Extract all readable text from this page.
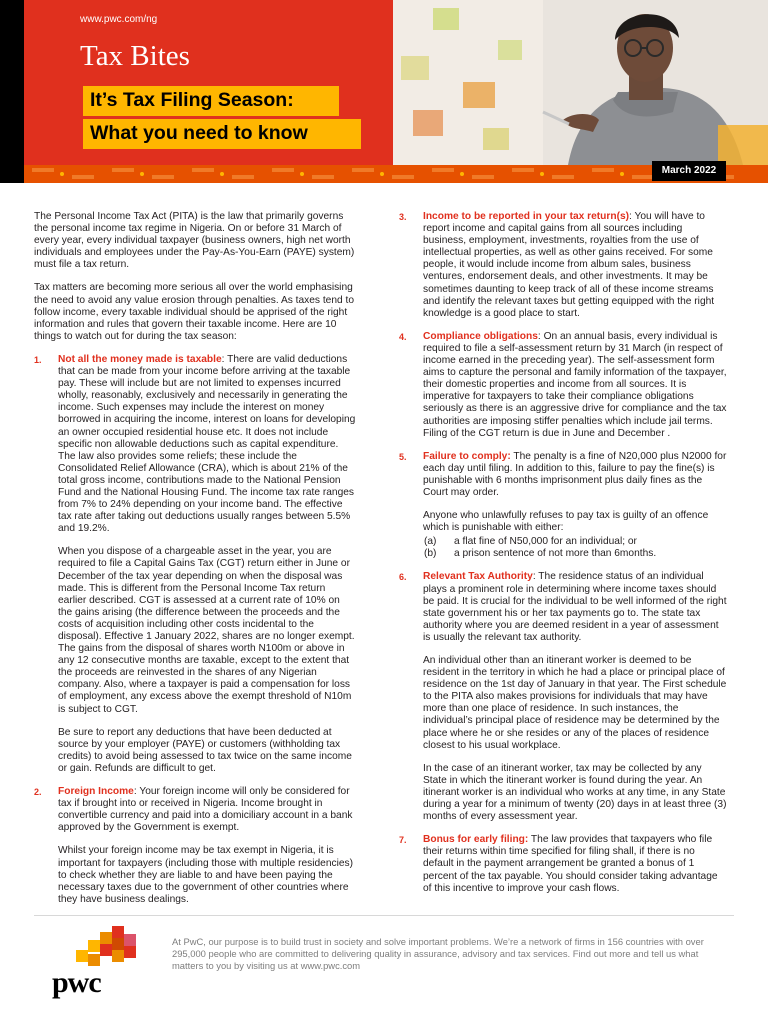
www.pwc.com/ng
Tax Bites
It’s Tax Filing Season:
What you need to know
March 2022

The Personal Income Tax Act (PITA) is the law that primarily governs the personal income tax regime in Nigeria. On or before 31 March of every year, every individual taxpayer (business owners, high net worth individuals and employees under the Pay-As-You-Earn (PAYE) system) must file a tax return.

Tax matters are becoming more serious all over the world emphasising the need to avoid any value erosion through penalties. As taxes tend to follow income, every taxable individual should be apprised of the right information and rules that govern their taxable income. Here are 10 things to watch out for during the tax season:

1. Not all the money made is taxable: There are valid deductions that can be made from your income before arriving at the taxable pay. These will include but are not limited to expenses incurred wholly, reasonably, exclusively and necessarily in generating the income. Such expenses may include the interest on money borrowed in acquiring the income, interest on loans for developing an owner occupied residential house etc. It does not include specific non allowable deductions such as capital expenditure. The law also provides some reliefs; these include the Consolidated Relief Allowance (CRA), which is about 21% of the total gross income, contributions made to the National Pension Fund and the National Housing Fund. The income tax rate ranges from 7% to 24% depending on your income band. The effective tax rate after taking out deductions usually ranges between 5.5% and 19.2%.

When you dispose of a chargeable asset in the year, you are required to file a Capital Gains Tax (CGT) return either in June or December of the tax year depending on when the disposal was made. This is different from the Personal Income Tax return earlier described. CGT is assessed at a current rate of 10% on the gains arising (the difference between the proceeds and the costs of acquisition including other costs incidental to the disposal). Effective 1 January 2022, shares are no longer exempt. The gains from the disposal of shares worth N100m or above in any 12 consecutive months are taxable, except to the extent that the proceeds are reinvested in the shares of any Nigerian company. Also, where a taxpayer is paid a compensation for loss of employment, any excess above the exempt threshold of N10m is subject to CGT.

Be sure to report any deductions that have been deducted at source by your employer (PAYE) or customers (withholding tax credits) to avoid being assessed to tax twice on the same income or gain. Refunds are difficult to get.

2. Foreign Income: Your foreign income will only be considered for tax if brought into or received in Nigeria. Income brought in convertible currency and paid into a domiciliary account in a bank approved by the Government is exempt.

Whilst your foreign income may be tax exempt in Nigeria, it is important for taxpayers (including those with multiple residencies) to check whether they are liable to and have been paying the necessary taxes due to the government of other countries where they have business dealings.

3. Income to be reported in your tax return(s): You will have to report income and capital gains from all sources including business, employment, investments, royalties from the use of intellectual properties, as well as other gains received. For some people, it would include income from album sales, business ventures, endorsement deals, and other investments. It may be sometimes daunting to keep track of all of these income streams and identify the relevant taxes but getting equipped with the right knowledge is a good place to start.

4. Compliance obligations: On an annual basis, every individual is required to file a self-assessment return by 31 March (in respect of income earned in the preceding year). The self-assessment form aims to capture the personal and family information of the taxpayer, their domestic properties and income from all sources. It is imperative for taxpayers to take their compliance obligations seriously as there is an aggressive drive for compliance and the tax authorities are imposing stiffer penalties which include jail terms. Filing of the CGT return is due in June and December .

5. Failure to comply: The penalty is a fine of N20,000 plus N2000 for each day until filing. In addition to this, failure to pay the fine(s) is punishable with 6 months imprisonment plus daily fines as the Court may order.

Anyone who unlawfully refuses to pay tax is guilty of an offence which is punishable with either:

(a)	a flat fine of N50,000 for an individual; or
(b)	a prison sentence of not more than 6months.
6. Relevant Tax Authority: The residence status of an individual plays a prominent role in determining where income taxes should be paid. It is crucial for the individual to be well informed of the right state government his or her tax payments go to. The state tax authority where you are deemed resident in a year of assessment is usually the relevant tax authority.

An individual other than an itinerant worker is deemed to be resident in the territory in which he had a place or principal place of residence on the 1st day of January in that year. The First schedule to the PITA also makes provisions for individuals that may have more than one place of residence. In such instances, the individual’s principal place of residence may be determined by the place where he or she resides or any of the places of residence closest to his usual workplace.

In the case of an itinerant worker, tax may be collected by any State in which the itinerant worker is found during the year. An itinerant worker is an individual who works at any time, in any State during a year for a minimum of twenty (20) days in at least three (3) months of every assessment year.

7. Bonus for early filing: The law provides that taxpayers who file their returns within time specified for filing shall, if there is no default in the payment arrangement be granted a bonus of 1 percent of the tax payable. You should consider taking advantage of this incentive to improve your cash flows.

pwc
At PwC, our purpose is to build trust in society and solve important problems. We’re a network of firms in 156 countries with over 295,000 people who are committed to delivering quality in assurance, advisory and tax services. Find out more and tell us what matters to you by visiting us at www.pwc.com
